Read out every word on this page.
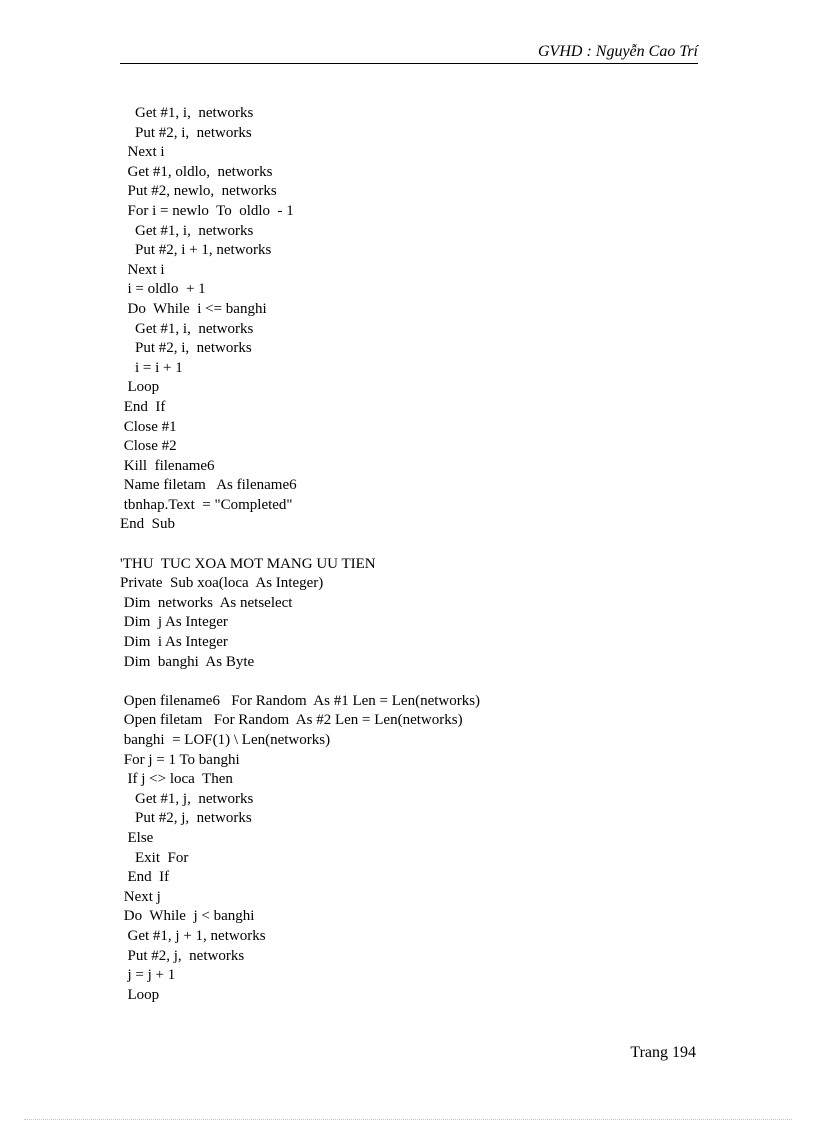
GVHD : Nguyễn Cao Trí
Get #1, i,  networks
Put #2, i,  networks
Next i
Get #1, oldlo,  networks
Put #2, newlo,  networks
For i = newlo  To  oldlo  - 1
Get #1, i,  networks
Put #2, i + 1, networks
Next i
i = oldlo  + 1
Do  While  i <= banghi
Get #1, i,  networks
Put #2, i,  networks
i = i + 1
Loop
End  If
Close #1
Close #2
Kill  filename6
Name filetam   As filename6
tbnhap.Text  = "Completed"
End  Sub
'THU  TUC XOA MOT MANG UU TIEN
Private  Sub xoa(loca  As Integer)
Dim  networks  As netselect
Dim  j As Integer
Dim  i As Integer
Dim  banghi  As Byte
Open filename6   For Random  As #1 Len = Len(networks)
Open filetam   For Random  As #2 Len = Len(networks)
banghi  = LOF(1) \ Len(networks)
For j = 1 To banghi
If j <> loca  Then
Get #1, j,  networks
Put #2, j,  networks
Else
Exit  For
End  If
Next j
Do  While  j < banghi
Get #1, j + 1, networks
Put #2, j,  networks
j = j + 1
Loop
Trang 194
